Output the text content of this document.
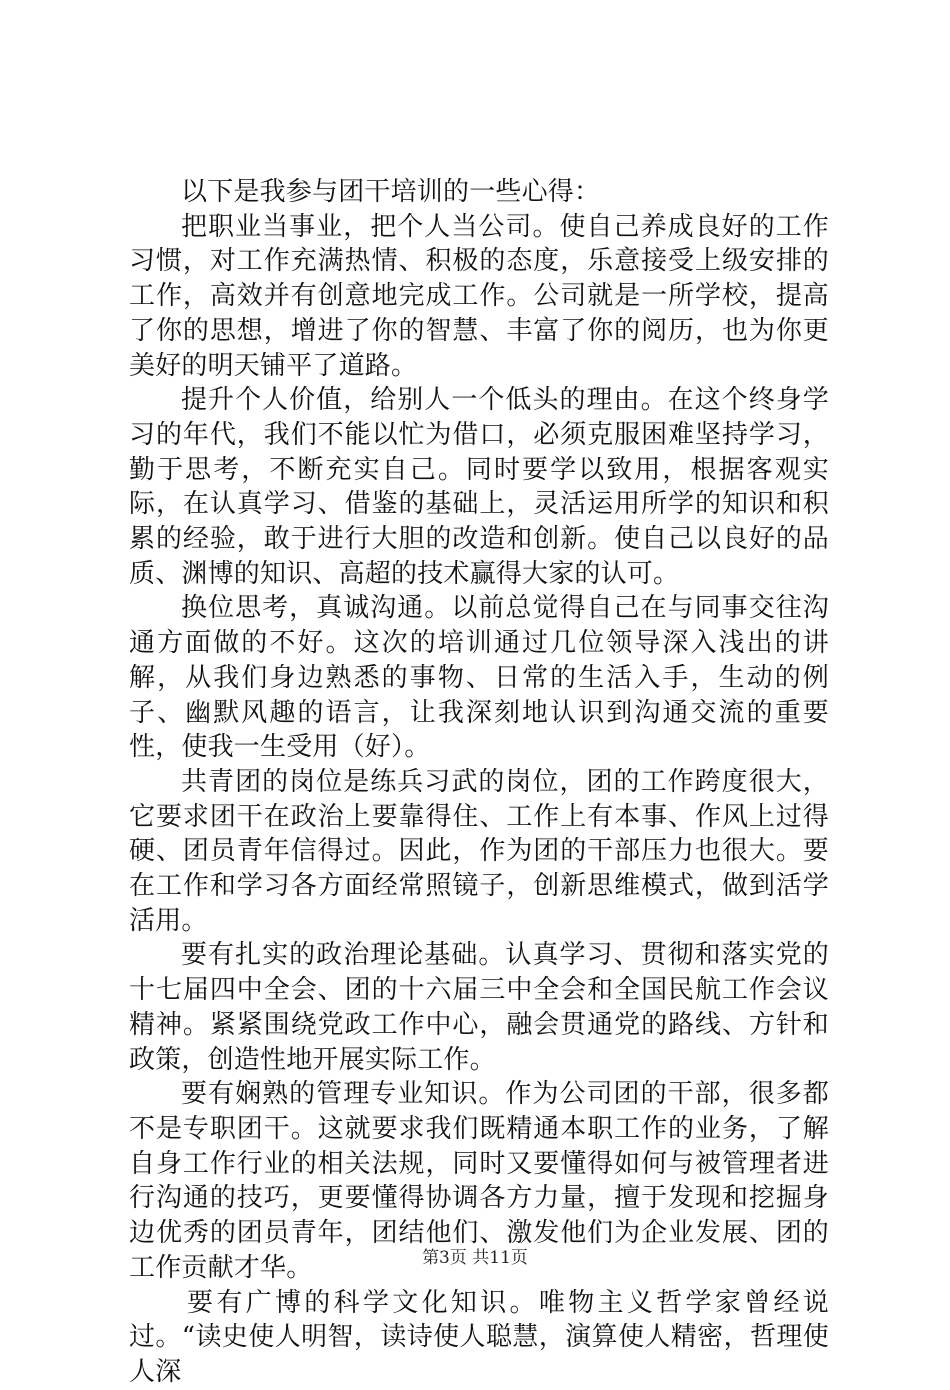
以下是我参与团干培训的一些心得：

把职业当事业，把个人当公司。使自己养成良好的工作习惯，对工作充满热情、积极的态度，乐意接受上级安排的工作，高效并有创意地完成工作。公司就是一所学校，提高了你的思想，增进了你的智慧、丰富了你的阅历，也为你更美好的明天铺平了道路。

提升个人价值，给别人一个低头的理由。在这个终身学习的年代，我们不能以忙为借口，必须克服困难坚持学习，勤于思考，不断充实自己。同时要学以致用，根据客观实际，在认真学习、借鉴的基础上，灵活运用所学的知识和积累的经验，敢于进行大胆的改造和创新。使自己以良好的品质、渊博的知识、高超的技术赢得大家的认可。

换位思考，真诚沟通。以前总觉得自己在与同事交往沟通方面做的不好。这次的培训通过几位领导深入浅出的讲解，从我们身边熟悉的事物、日常的生活入手，生动的例子、幽默风趣的语言，让我深刻地认识到沟通交流的重要性，使我一生受用（好）。

共青团的岗位是练兵习武的岗位，团的工作跨度很大，它要求团干在政治上要靠得住、工作上有本事、作风上过得硬、团员青年信得过。因此，作为团的干部压力也很大。要在工作和学习各方面经常照镜子，创新思维模式，做到活学活用。

要有扎实的政治理论基础。认真学习、贯彻和落实党的十七届四中全会、团的十六届三中全会和全国民航工作会议精神。紧紧围绕党政工作中心，融会贯通党的路线、方针和政策，创造性地开展实际工作。

要有娴熟的管理专业知识。作为公司团的干部，很多都不是专职团干。这就要求我们既精通本职工作的业务，了解自身工作行业的相关法规，同时又要懂得如何与被管理者进行沟通的技巧，更要懂得协调各方力量，擅于发现和挖掘身边优秀的团员青年，团结他们、激发他们为企业发展、团的工作贡献才华。

要有广博的科学文化知识。唯物主义哲学家曾经说过。“读史使人明智，读诗使人聪慧，演算使人精密，哲理使人深

第3页 共11页
